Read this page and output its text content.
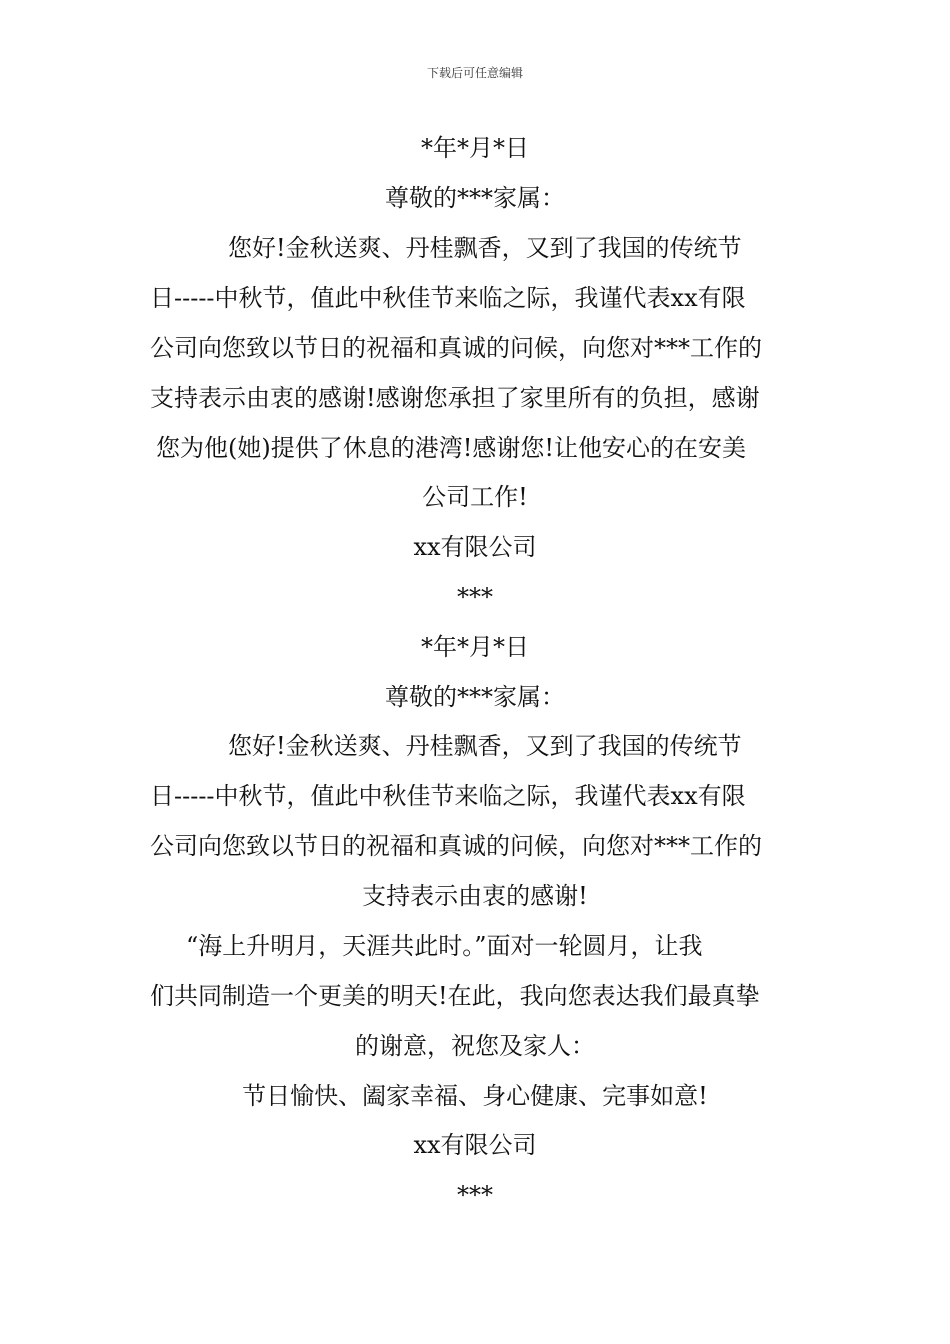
下载后可任意编辑
*年*月*日
尊敬的***家属：
您好!金秋送爽、丹桂飘香，又到了我国的传统节
日-----中秋节，值此中秋佳节来临之际，我谨代表xx有限
公司向您致以节日的祝福和真诚的问候，向您对***工作的
支持表示由衷的感谢!感谢您承担了家里所有的负担，感谢
您为他(她)提供了休息的港湾!感谢您!让他安心的在安美
公司工作!
xx有限公司
***
*年*月*日
尊敬的***家属：
您好!金秋送爽、丹桂飘香，又到了我国的传统节
日-----中秋节，值此中秋佳节来临之际，我谨代表xx有限
公司向您致以节日的祝福和真诚的问候，向您对***工作的
支持表示由衷的感谢!
“海上升明月，天涯共此时。”面对一轮圆月，让我
们共同制造一个更美的明天!在此，我向您表达我们最真挚
的谢意，祝您及家人：
节日愉快、阖家幸福、身心健康、完事如意!
xx有限公司
***
